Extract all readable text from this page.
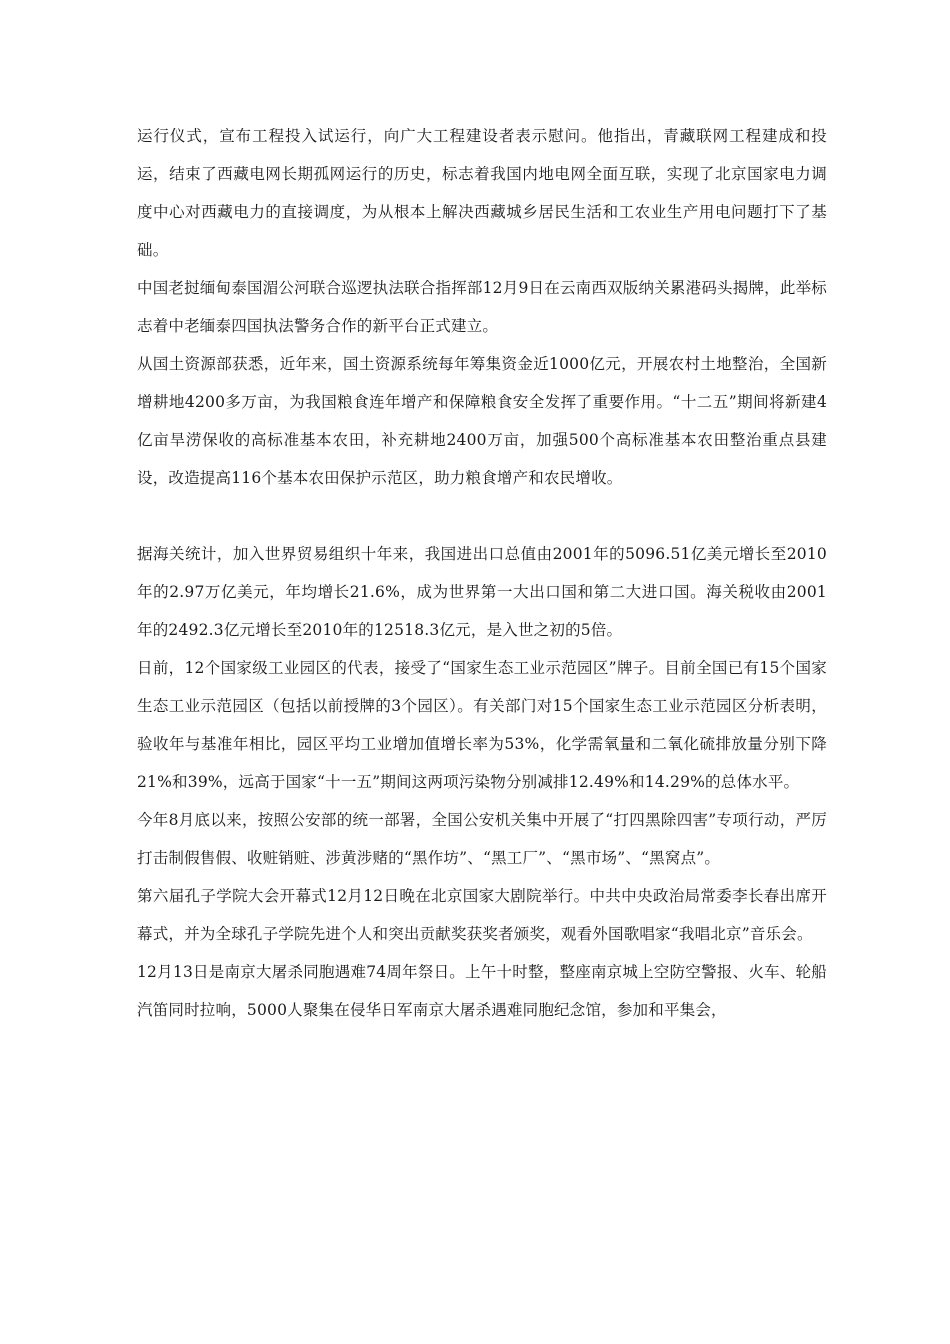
运行仪式，宣布工程投入试运行，向广大工程建设者表示慰问。他指出，青藏联网工程建成和投运，结束了西藏电网长期孤网运行的历史，标志着我国内地电网全面互联，实现了北京国家电力调度中心对西藏电力的直接调度，为从根本上解决西藏城乡居民生活和工农业生产用电问题打下了基础。

中国老挝缅甸泰国湄公河联合巡逻执法联合指挥部12月9日在云南西双版纳关累港码头揭牌，此举标志着中老缅泰四国执法警务合作的新平台正式建立。

从国土资源部获悉，近年来，国土资源系统每年筹集资金近1000亿元，开展农村土地整治，全国新增耕地4200多万亩，为我国粮食连年增产和保障粮食安全发挥了重要作用。“十二五”期间将新建4亿亩旱涝保收的高标准基本农田，补充耕地2400万亩，加强500个高标准基本农田整治重点县建设，改造提高116个基本农田保护示范区，助力粮食增产和农民增收。

据海关统计，加入世界贸易组织十年来，我国进出口总值由2001年的5096.51亿美元增长至2010年的2.97万亿美元，年均增长21.6%，成为世界第一大出口国和第二大进口国。海关税收由2001年的2492.3亿元增长至2010年的12518.3亿元，是入世之初的5倍。

日前，12个国家级工业园区的代表，接受了“国家生态工业示范园区”牌子。目前全国已有15个国家生态工业示范园区（包括以前授牌的3个园区）。有关部门对15个国家生态工业示范园区分析表明，验收年与基准年相比，园区平均工业增加值增长率为53%，化学需氧量和二氧化硫排放量分别下降21%和39%，远高于国家“十一五”期间这两项污染物分别减排12.49%和14.29%的总体水平。

今年8月底以来，按照公安部的统一部署，全国公安机关集中开展了“打四黑除四害”专项行动，严厉打击制假售假、收赃销赃、涉黄涉赌的“黑作坊”、“黑工厂”、“黑市场”、“黑窝点”。

第六届孔子学院大会开幕式12月12日晚在北京国家大剧院举行。中共中央政治局常委李长春出席开幕式，并为全球孔子学院先进个人和突出贡献奖获奖者颁奖，观看外国歌唱家“我唱北京”音乐会。

12月13日是南京大屠杀同胞遇难74周年祭日。上午十时整，整座南京城上空防空警报、火车、轮船汽笛同时拉响，5000人聚集在侵华日军南京大屠杀遇难同胞纪念馆，参加和平集会，
